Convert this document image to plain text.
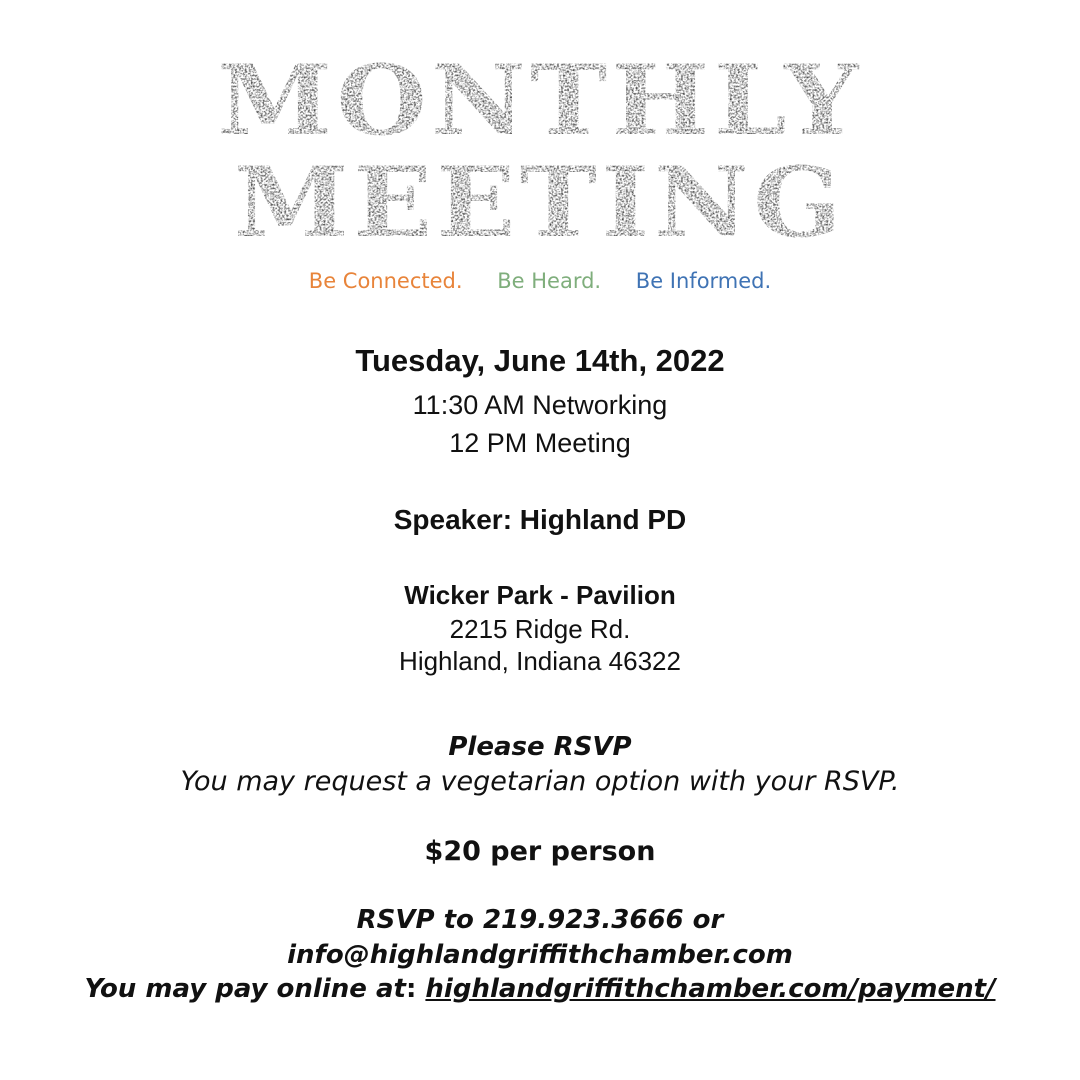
MONTHLY
MEETING
Be Connected. Be Heard. Be Informed.
Tuesday, June 14th, 2022
11:30 AM Networking
12 PM Meeting
Speaker: Highland PD
Wicker Park - Pavilion
2215 Ridge Rd.
Highland, Indiana 46322
Please RSVP
You may request a vegetarian option with your RSVP.
$20 per person
RSVP to 219.923.3666 or
info@highlandgriffithchamber.com
You may pay online at: highlandgriffithchamber.com/payment/
